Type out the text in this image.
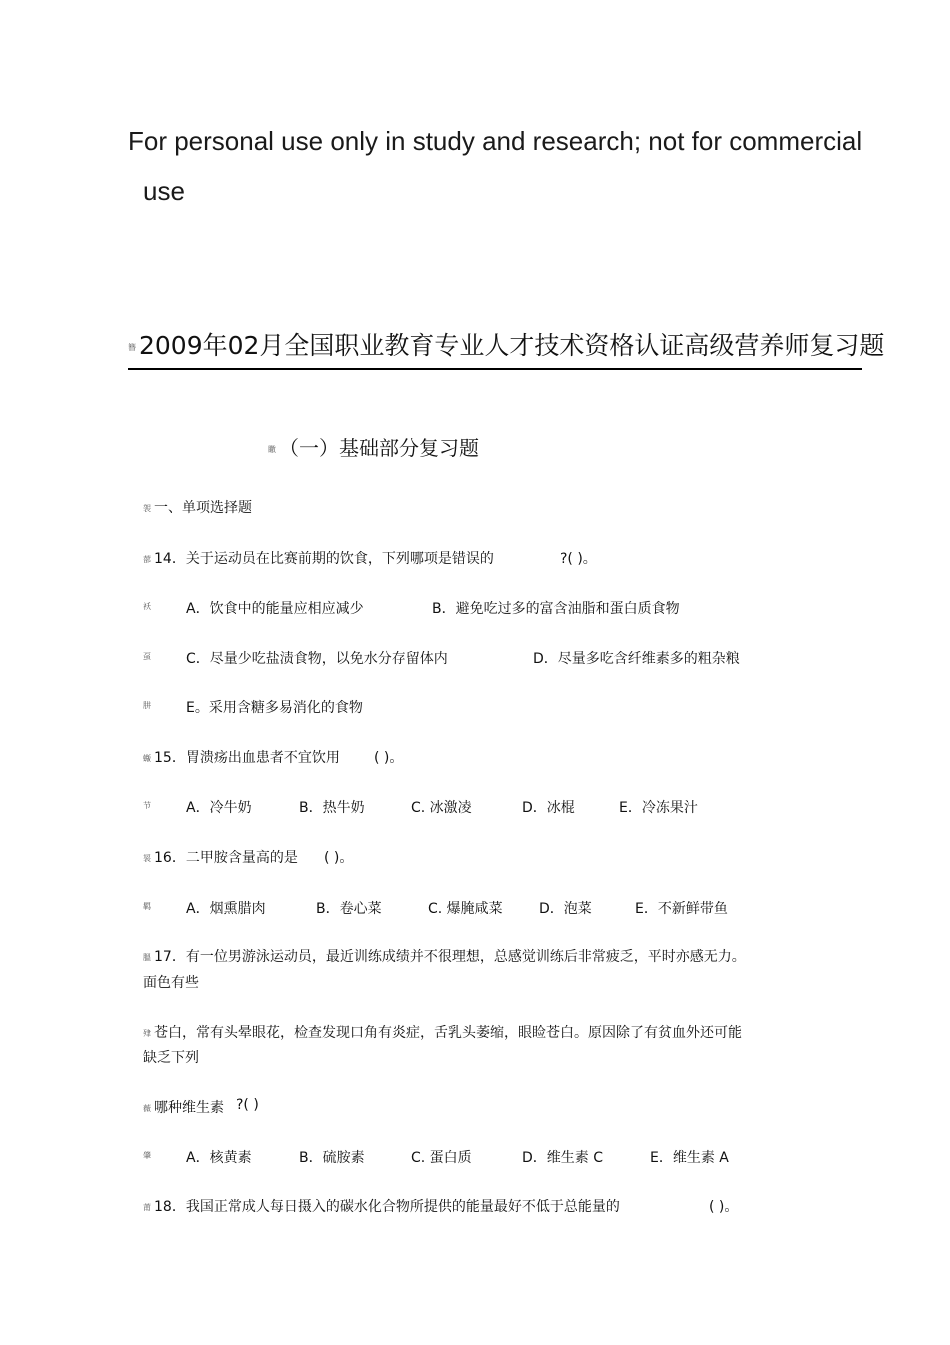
For personal use only in study and research; not for commercial
use
簪 2009年02月全国职业教育专业人才技术资格认证高级营养师复习题
瞮 （一）基础部分复习题
袈 一、单项选择题
蔀 14．关于运动员在比赛前期的饮食，下列哪项是错误的	?( )。
袄	A．饮食中的能量应相应减少	B．避免吃过多的富含油脂和蛋白质食物
虿	C．尽量少吃盐渍食物，以免水分存留体内	D．尽量多吃含纤维素多的粗杂粮
肼	E。采用含糖多易消化的食物
蝂 15．胃溃疡出血患者不宜饮用 ( )。
节	A．冷牛奶	B．热牛奶	C. 冰激凌	D．冰棍	E．冷冻果汁
袃 16．二甲胺含量高的是 ( )。
羁	A．烟熏腊肉	B．卷心菜	C. 爆腌咸菜	D．泡菜	E．不新鲜带鱼
膃 17．有一位男游泳运动员，最近训练成绩并不很理想，总感觉训练后非常疲乏，平时亦感无力。
面色有些
肂 苍白，常有头晕眼花，检查发现口角有炎症，舌乳头萎缩，眼睑苍白。原因除了有贫血外还可能
缺乏下列
薇 哪种维生素 ?( )
肇	A．核黄素	B．硫胺素	C. 蛋白质	D．维生素 C	E．维生素 A
莆 18．我国正常成人每日摄入的碳水化合物所提供的能量最好不低于总能量的	( )。
